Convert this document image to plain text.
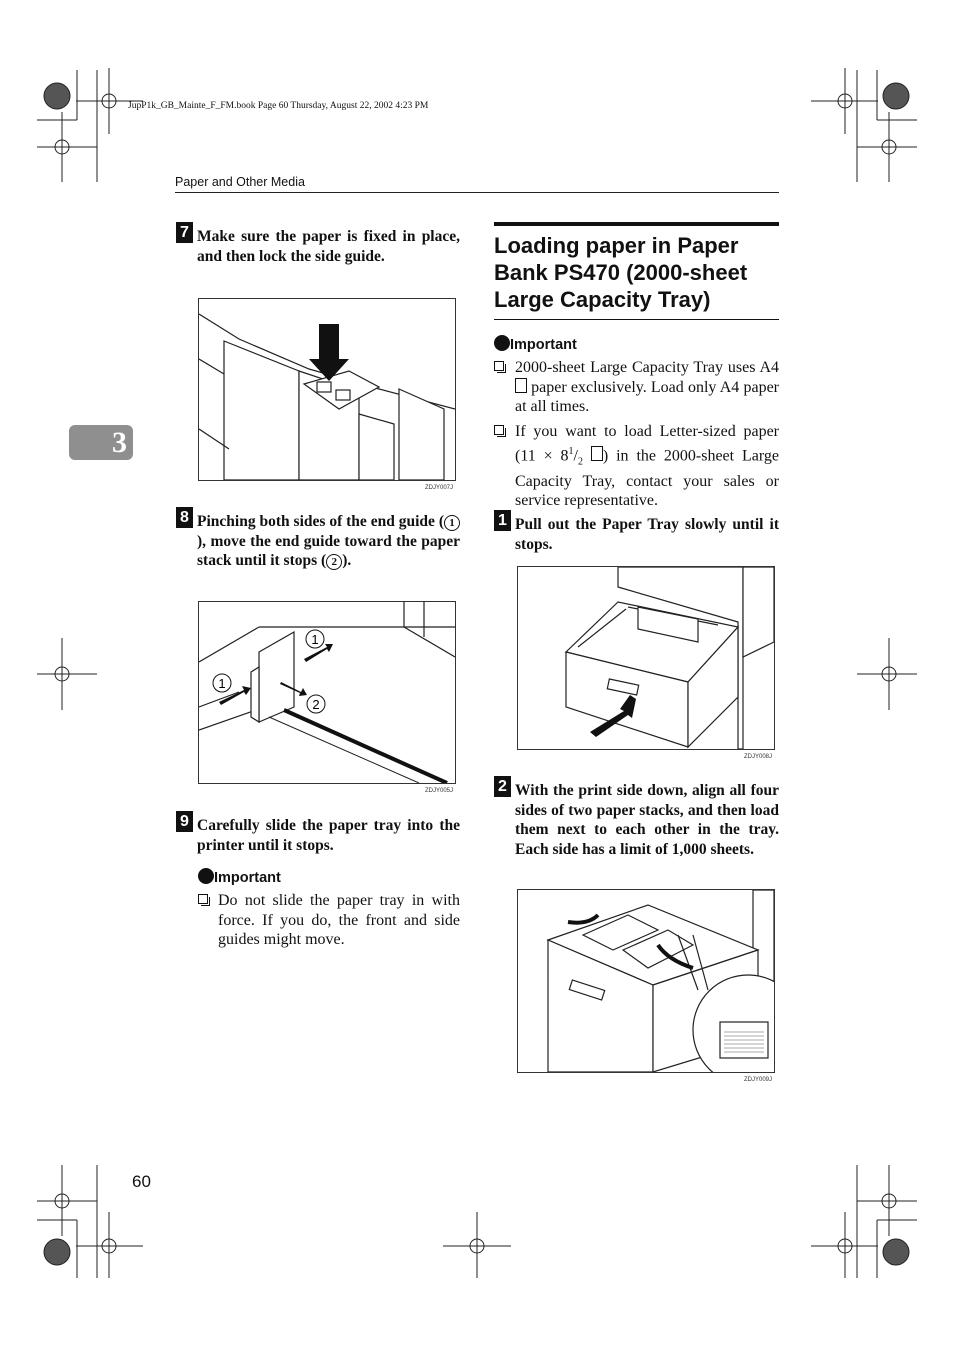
JupP1k_GB_Mainte_F_FM.book Page 60 Thursday, August 22, 2002 4:23 PM
Paper and Other Media
3
7 Make sure the paper is fixed in place, and then lock the side guide.
ZDJY007J
8 Pinching both sides of the end guide ( 1), move the end guide toward the paper stack until it stops ( 2 ).
1
1
2
ZDJY005J
9 Carefully slide the paper tray into the printer until it stops.
Important
Do not slide the paper tray in with force. If you do, the front and side guides might move.
Loading paper in Paper Bank PS470 (2000-sheet Large Capacity Tray)
Important
2000-sheet Large Capacity Tray uses A4  paper exclusively. Load only A4 paper at all times.
If you want to load Letter-sized paper ($11 \times 8^1/_2$ ) in the 2000-sheet Large Capacity Tray, contact your sales or service representative.
1 Pull out the Paper Tray slowly until it stops.
ZDJY008J
2 With the print side down, align all four sides of two paper stacks, and then load them next to each other in the tray. Each side has a limit of 1,000 sheets.
ZDJY009J
60
